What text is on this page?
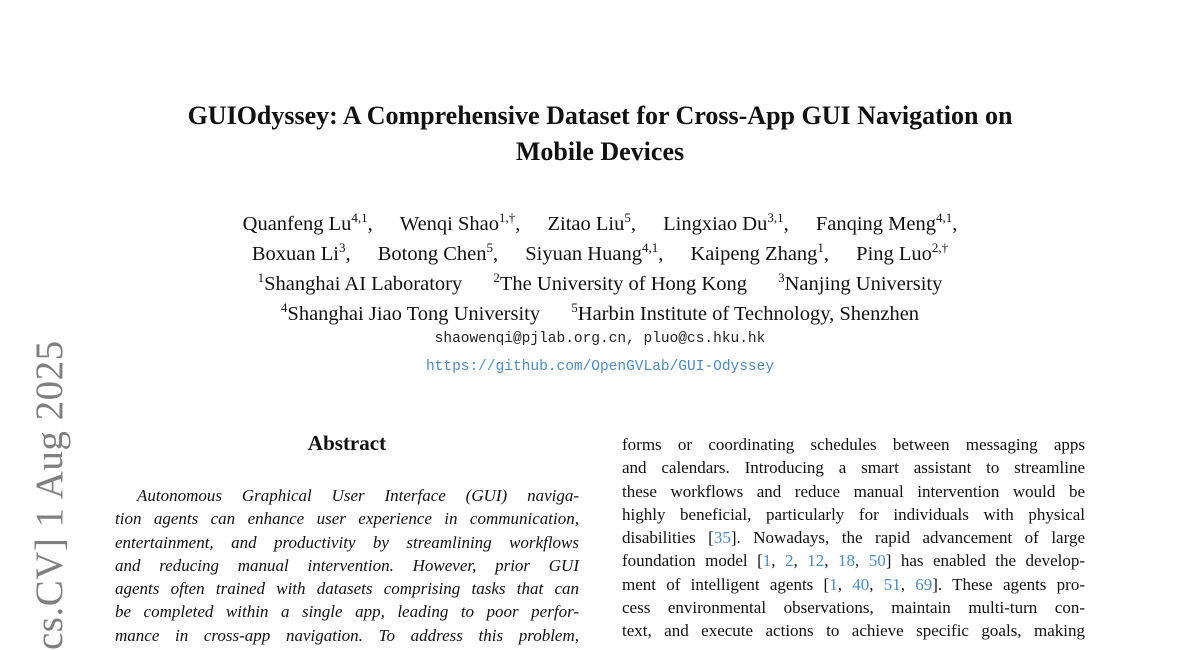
cs.CV] 1 Aug 2025
GUIOdyssey: A Comprehensive Dataset for Cross-App GUI Navigation on
Mobile Devices
Quanfeng Lu$^{4,1}$, Wenqi Shao$^{1,\dagger}$, Zitao Liu$^5$, Lingxiao Du$^{3,1}$, Fanqing Meng$^{4,1}$,
Boxuan Li$^3$, Botong Chen$^5$, Siyuan Huang$^{4,1}$, Kaipeng Zhang$^1$, Ping Luo$^{2,\dagger}$
$^1$Shanghai AI Laboratory $^2$The University of Hong Kong $^3$Nanjing University
$^4$Shanghai Jiao Tong University $^5$Harbin Institute of Technology, Shenzhen
shaowenqi@pjlab.org.cn, pluo@cs.hku.hk
https://github.com/OpenGVLab/GUI-Odyssey
Abstract
Autonomous Graphical User Interface (GUI) naviga-
tion agents can enhance user experience in communication,
entertainment, and productivity by streamlining workflows
and reducing manual intervention. However, prior GUI
agents often trained with datasets comprising tasks that can
be completed within a single app, leading to poor perfor-
mance in cross-app navigation. To address this problem,
forms or coordinating schedules between messaging apps
and calendars. Introducing a smart assistant to streamline
these workflows and reduce manual intervention would be
highly beneficial, particularly for individuals with physical
disabilities [35]. Nowadays, the rapid advancement of large
foundation model [1, 2, 12, 18, 50] has enabled the develop-
ment of intelligent agents [1, 40, 51, 69]. These agents pro-
cess environmental observations, maintain multi-turn con-
text, and execute actions to achieve specific goals, making
